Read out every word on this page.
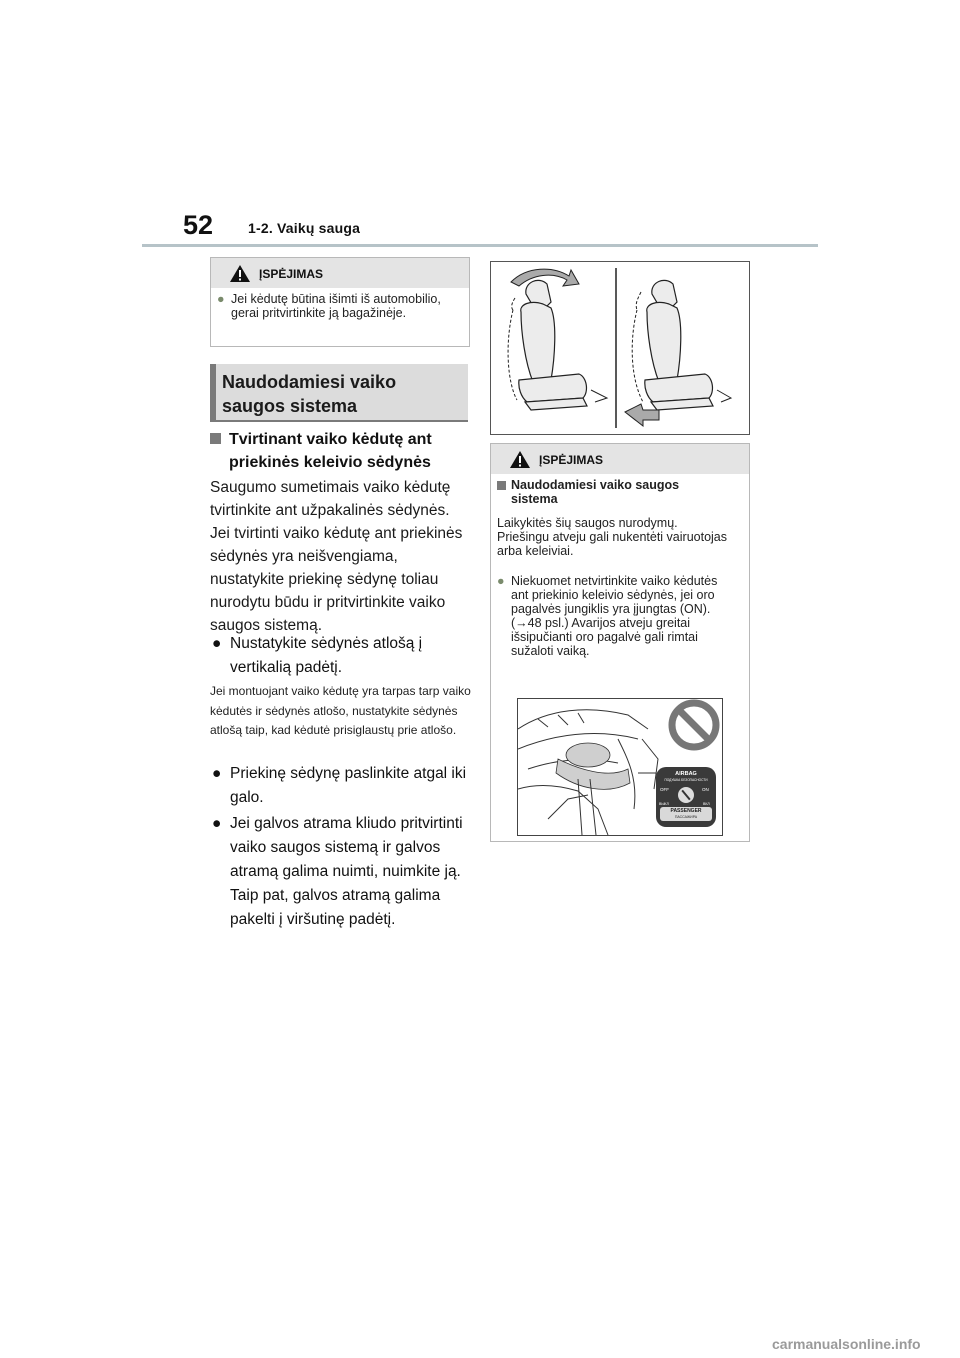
52 1-2. Vaikų sauga
ĮSPĖJIMAS
● Jei kėdutę būtina išimti iš automobilio, gerai pritvirtinkite ją bagažinėje.
Naudodamiesi vaiko saugos sistema
Tvirtinant vaiko kėdutę ant priekinės keleivio sėdynės
Saugumo sumetimais vaiko kėdutę tvirtinkite ant užpakalinės sėdynės. Jei tvirtinti vaiko kėdutę ant priekinės sėdynės yra neišvengiama, nustatykite priekinę sėdynę toliau nurodytu būdu ir pritvirtinkite vaiko saugos sistemą.
● Nustatykite sėdynės atlošą į vertikalią padėtį.
Jei montuojant vaiko kėdutę yra tarpas tarp vaiko kėdutės ir sėdynės atlošo, nustatykite sėdynės atlošą taip, kad kėdutė prisiglaustų prie atlošo.
● Priekinę sėdynę paslinkite atgal iki galo.
● Jei galvos atrama kliudo pritvirtinti vaiko saugos sistemą ir galvos atramą galima nuimti, nuimkite ją. Taip pat, galvos atramą galima pakelti į viršutinę padėtį.
ĮSPĖJIMAS
Naudodamiesi vaiko saugos sistema
Laikykitės šių saugos nurodymų. Priešingu atveju gali nukentėti vairuotojas arba keleiviai.
● Niekuomet netvirtinkite vaiko kėdutės ant priekinio keleivio sėdynės, jei oro pagalvės jungiklis yra įjungtas (ON). (→48 psl.) Avarijos atveju greitai išsipučianti oro pagalvė gali rimtai sužaloti vaiką.
AIRBAG
ПОДУШКА БЕЗОПАСНОСТИ
OFF	ON
ВЫКЛ	ВКЛ
PASSENGER
ПАССАЖИРА
carmanualsonline.info
